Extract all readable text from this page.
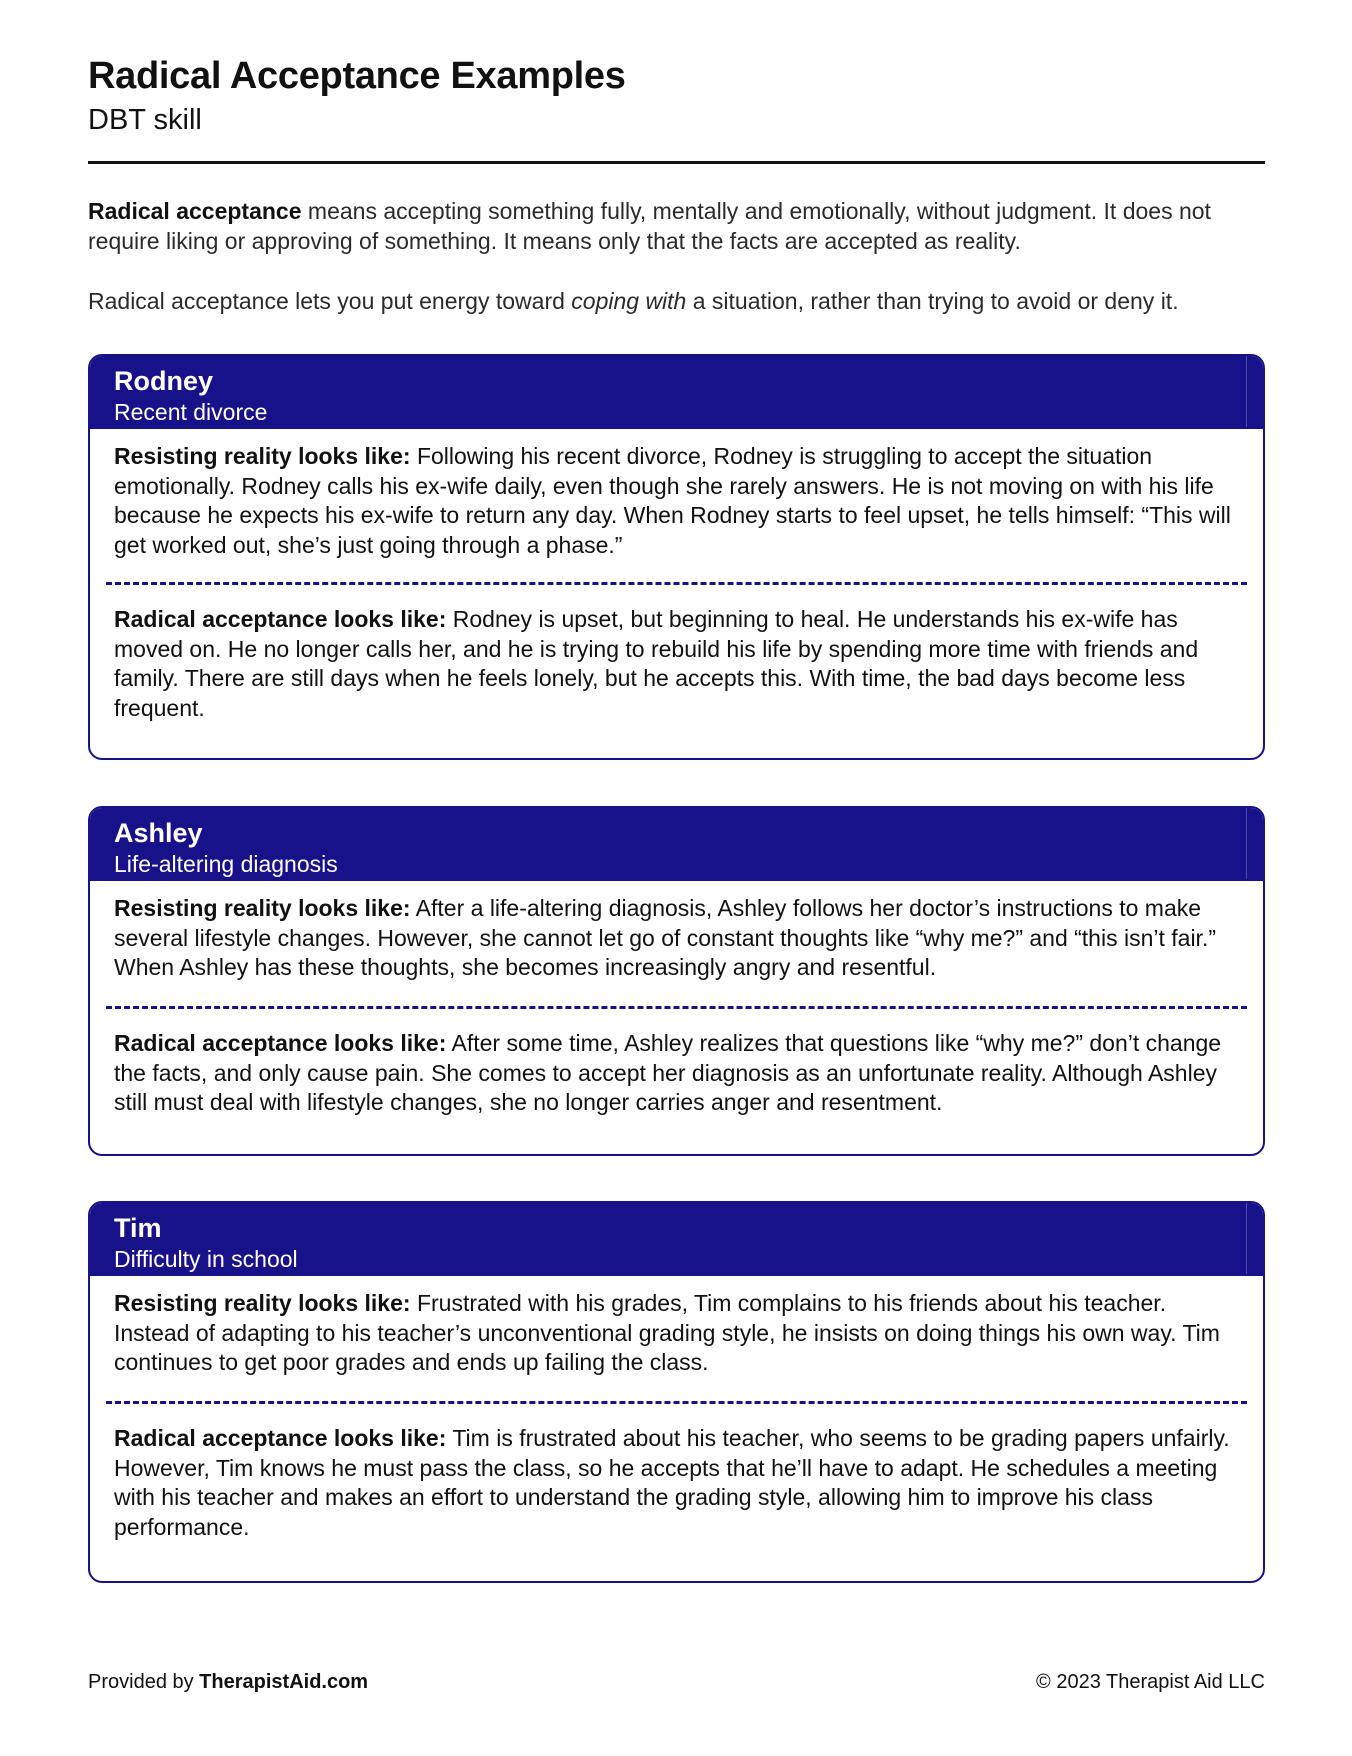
Radical Acceptance Examples
DBT skill
Radical acceptance means accepting something fully, mentally and emotionally, without judgment. It does not require liking or approving of something. It means only that the facts are accepted as reality.
Radical acceptance lets you put energy toward coping with a situation, rather than trying to avoid or deny it.
Rodney
Recent divorce
Resisting reality looks like: Following his recent divorce, Rodney is struggling to accept the situation emotionally. Rodney calls his ex-wife daily, even though she rarely answers. He is not moving on with his life because he expects his ex-wife to return any day. When Rodney starts to feel upset, he tells himself: “This will get worked out, she’s just going through a phase.”
Radical acceptance looks like: Rodney is upset, but beginning to heal. He understands his ex-wife has moved on. He no longer calls her, and he is trying to rebuild his life by spending more time with friends and family. There are still days when he feels lonely, but he accepts this. With time, the bad days become less frequent.
Ashley
Life-altering diagnosis
Resisting reality looks like: After a life-altering diagnosis, Ashley follows her doctor’s instructions to make several lifestyle changes. However, she cannot let go of constant thoughts like “why me?” and “this isn’t fair.” When Ashley has these thoughts, she becomes increasingly angry and resentful.
Radical acceptance looks like: After some time, Ashley realizes that questions like “why me?” don’t change the facts, and only cause pain. She comes to accept her diagnosis as an unfortunate reality. Although Ashley still must deal with lifestyle changes, she no longer carries anger and resentment.
Tim
Difficulty in school
Resisting reality looks like: Frustrated with his grades, Tim complains to his friends about his teacher. Instead of adapting to his teacher’s unconventional grading style, he insists on doing things his own way. Tim continues to get poor grades and ends up failing the class.
Radical acceptance looks like: Tim is frustrated about his teacher, who seems to be grading papers unfairly. However, Tim knows he must pass the class, so he accepts that he’ll have to adapt. He schedules a meeting with his teacher and makes an effort to understand the grading style, allowing him to improve his class performance.
Provided by TherapistAid.com	© 2023 Therapist Aid LLC
